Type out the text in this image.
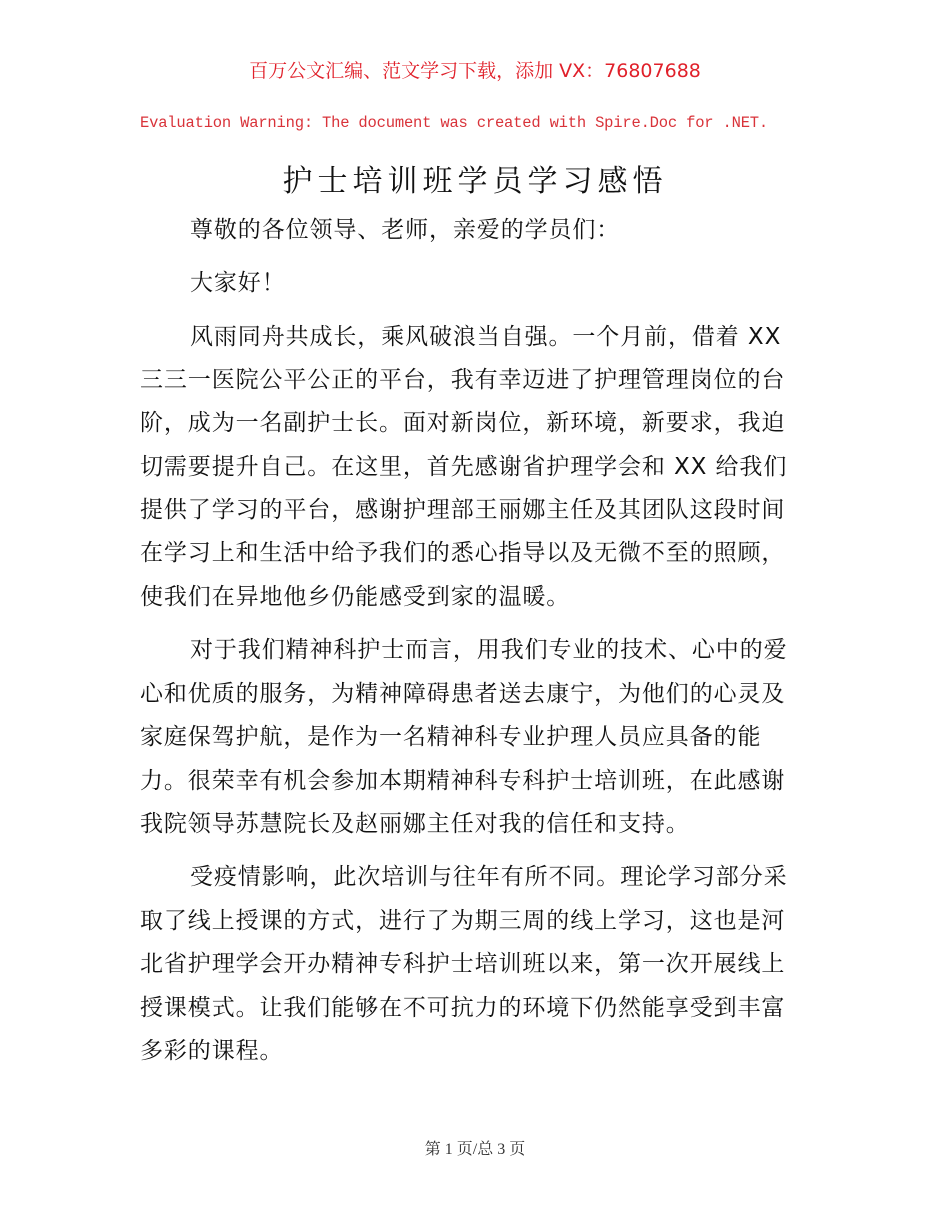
百万公文汇编、范文学习下载，添加 VX：76807688
Evaluation Warning: The document was created with Spire.Doc for .NET.
护士培训班学员学习感悟
尊敬的各位领导、老师，亲爱的学员们：
大家好！
风雨同舟共成长，乘风破浪当自强。一个月前，借着 XX
三三一医院公平公正的平台，我有幸迈进了护理管理岗位的台
阶，成为一名副护士长。面对新岗位，新环境，新要求，我迫
切需要提升自己。在这里，首先感谢省护理学会和 XX 给我们
提供了学习的平台，感谢护理部王丽娜主任及其团队这段时间
在学习上和生活中给予我们的悉心指导以及无微不至的照顾，
使我们在异地他乡仍能感受到家的温暖。
对于我们精神科护士而言，用我们专业的技术、心中的爱
心和优质的服务，为精神障碍患者送去康宁，为他们的心灵及
家庭保驾护航，是作为一名精神科专业护理人员应具备的能
力。很荣幸有机会参加本期精神科专科护士培训班，在此感谢
我院领导苏慧院长及赵丽娜主任对我的信任和支持。
受疫情影响，此次培训与往年有所不同。理论学习部分采
取了线上授课的方式，进行了为期三周的线上学习，这也是河
北省护理学会开办精神专科护士培训班以来，第一次开展线上
授课模式。让我们能够在不可抗力的环境下仍然能享受到丰富
多彩的课程。
第 1 页/总 3 页
